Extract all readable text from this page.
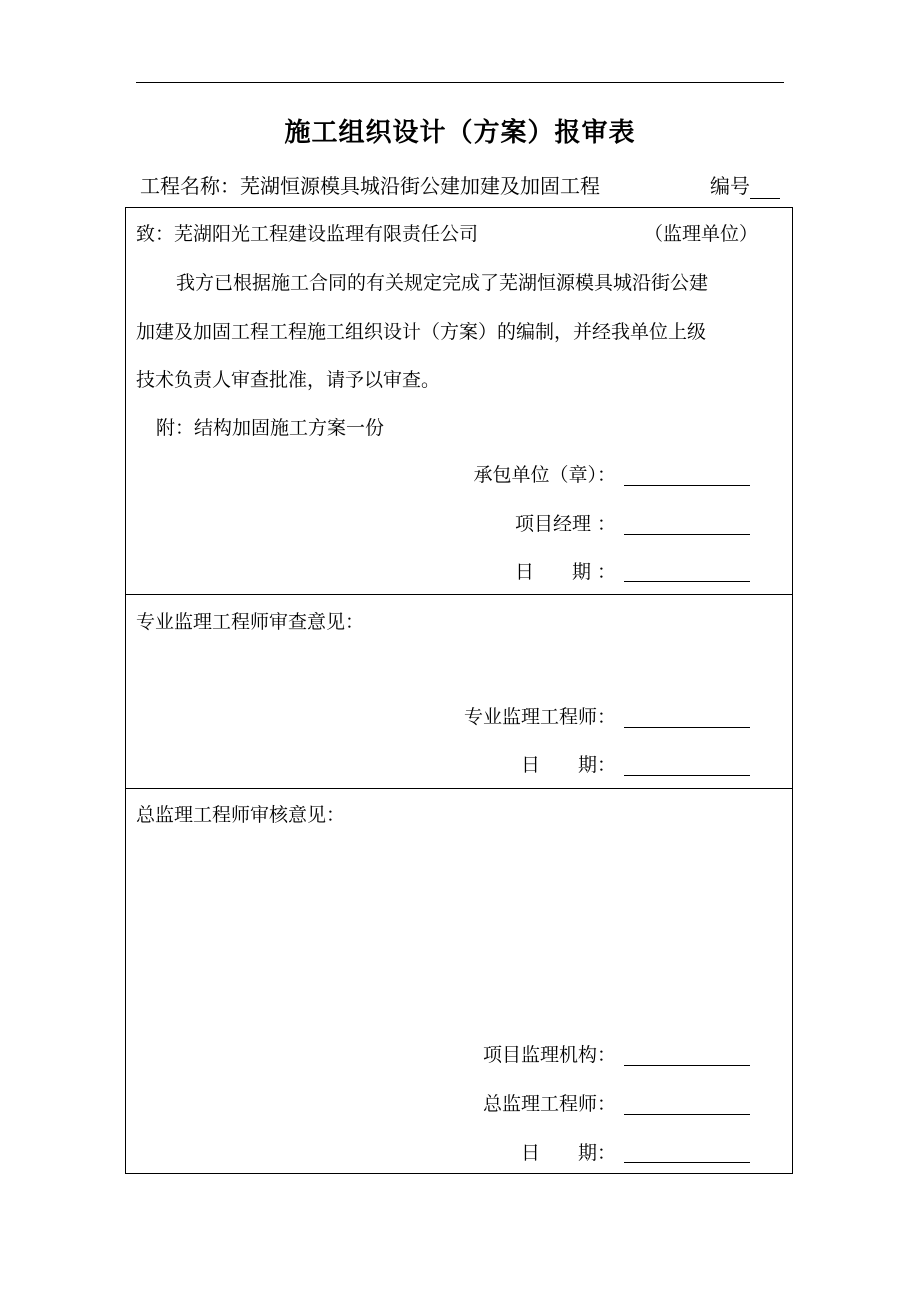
施工组织设计（方案）报审表
工程名称：芜湖恒源模具城沿街公建加建及加固工程	编号
致：芜湖阳光工程建设监理有限责任公司	（监理单位）
我方已根据施工合同的有关规定完成了芜湖恒源模具城沿街公建
加建及加固工程工程施工组织设计（方案）的编制，并经我单位上级
技术负责人审查批准，请予以审查。
附：结构加固施工方案一份
承包单位（章）：
项目经理 ：
日　　期 ：
专业监理工程师审查意见：
专业监理工程师：
日　　期：
总监理工程师审核意见：
项目监理机构：
总监理工程师：
日　　期：
